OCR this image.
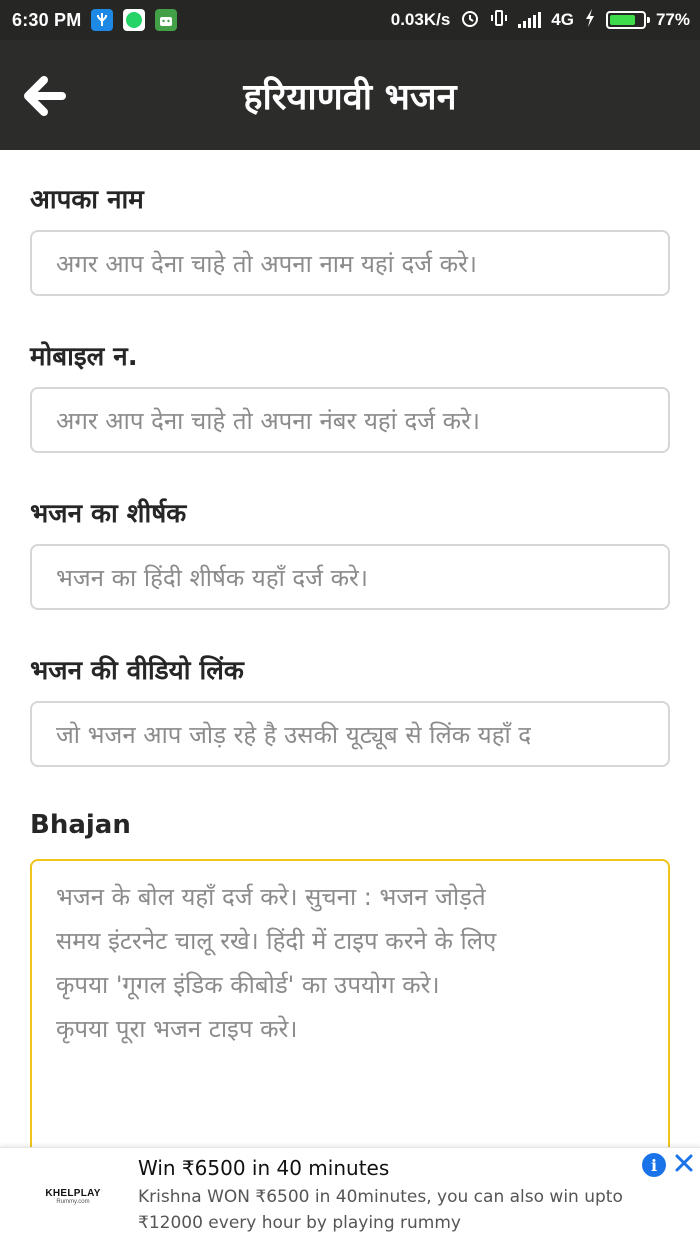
6:30 PM	0.03K/s	4G	77%
हरियाणवी भजन
आपका नाम
अगर आप देना चाहे तो अपना नाम यहां दर्ज करे।
मोबाइल न.
अगर आप देना चाहे तो अपना नंबर यहां दर्ज करे।
भजन का शीर्षक
भजन का हिंदी शीर्षक यहाँ दर्ज करे।
भजन की वीडियो लिंक
जो भजन आप जोड़ रहे है उसकी यूट्यूब से लिंक यहाँ द
Bhajan
भजन के बोल यहाँ दर्ज करे। सुचना : भजन जोड़ते
समय इंटरनेट चालू रखे। हिंदी में टाइप करने के लिए
कृपया 'गूगल इंडिक कीबोर्ड' का उपयोग करे।
कृपया पूरा भजन टाइप करे।
KHELPLAY
Rummy.com
Win ₹6500 in 40 minutes
Krishna WON ₹6500 in 40minutes, you can also win upto ₹12000 every hour by playing rummy
i
